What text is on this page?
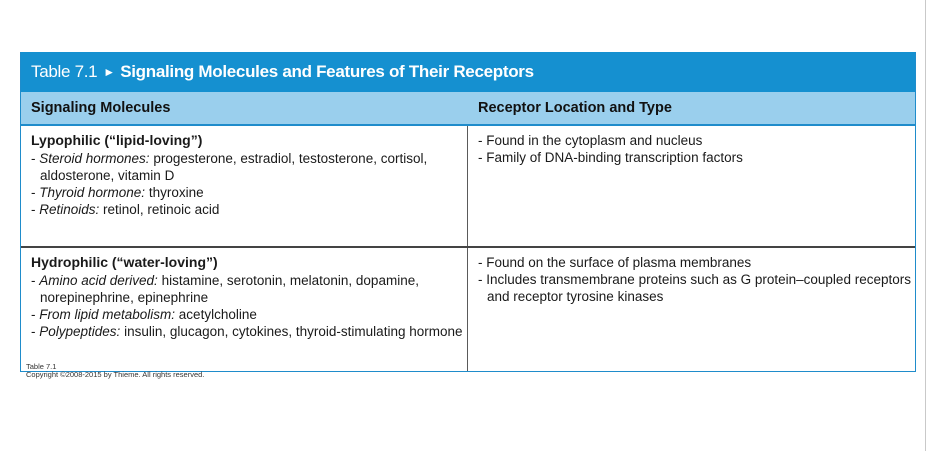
Table 7.1 ► Signaling Molecules and Features of Their Receptors
Signaling Molecules	Receptor Location and Type
Lypophilic (“lipid-loving”)
- Steroid hormones: progesterone, estradiol, testosterone, cortisol, aldosterone, vitamin D
- Thyroid hormone: thyroxine
- Retinoids: retinol, retinoic acid
- Found in the cytoplasm and nucleus
- Family of DNA-binding transcription factors
Hydrophilic (“water-loving”)
- Amino acid derived: histamine, serotonin, melatonin, dopamine, norepinephrine, epinephrine
- From lipid metabolism: acetylcholine
- Polypeptides: insulin, glucagon, cytokines, thyroid-stimulating hormone
- Found on the surface of plasma membranes
- Includes transmembrane proteins such as G protein–coupled receptors and receptor tyrosine kinases
Table 7.1
Copyright ©2008-2015 by Thieme. All rights reserved.
